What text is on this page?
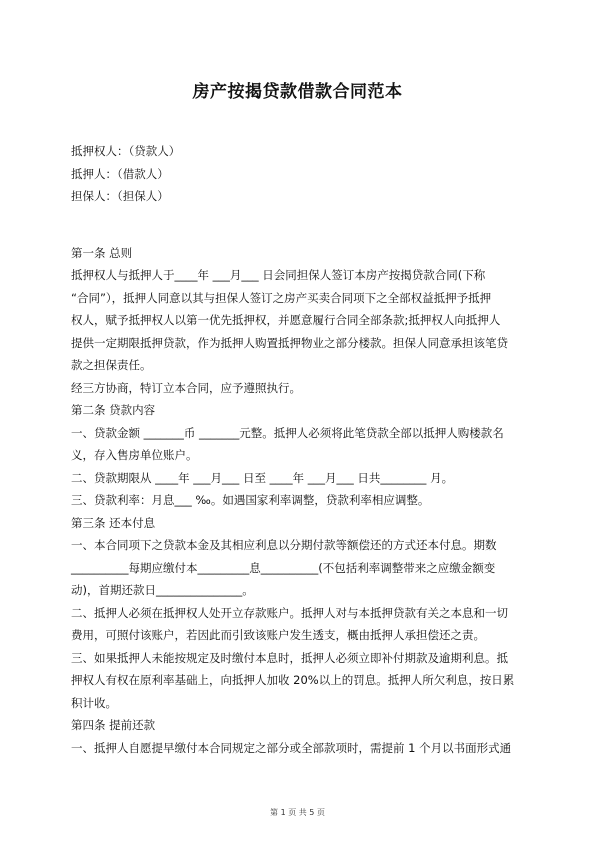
房产按揭贷款借款合同范本
抵押权人：（贷款人）
抵押人：（借款人）
担保人：（担保人）
第一条 总则
抵押权人与抵押人于____年 ___月___ 日会同担保人签订本房产按揭贷款合同(下称
“合同”），抵押人同意以其与担保人签订之房产买卖合同项下之全部权益抵押予抵押
权人，赋予抵押权人以第一优先抵押权，并愿意履行合同全部条款;抵押权人向抵押人
提供一定期限抵押贷款，作为抵押人购置抵押物业之部分楼款。担保人同意承担该笔贷
款之担保责任。
经三方协商，特订立本合同，应予遵照执行。
第二条 贷款内容
一、贷款金额 _______币 _______元整。抵押人必须将此笔贷款全部以抵押人购楼款名
义，存入售房单位账户。
二、贷款期限从 ____年 ___月___ 日至 ____年 ___月___ 日共________ 月。
三、贷款利率：月息___ ‰。如遇国家利率调整，贷款利率相应调整。
第三条 还本付息
一、本合同项下之贷款本金及其相应利息以分期付款等额偿还的方式还本付息。期数
__________每期应缴付本_________息__________(不包括利率调整带来之应缴金额变
动)，首期还款日_______________。
二、抵押人必须在抵押权人处开立存款账户。抵押人对与本抵押贷款有关之本息和一切
费用，可照付该账户，若因此而引致该账户发生透支，概由抵押人承担偿还之责。
三、如果抵押人未能按规定及时缴付本息时，抵押人必须立即补付期款及逾期利息。抵
押权人有权在原利率基础上，向抵押人加收 20%以上的罚息。抵押人所欠利息，按日累
积计收。
第四条 提前还款
一、抵押人自愿提早缴付本合同规定之部分或全部款项时，需提前 1 个月以书面形式通
第 1 页 共 5 页
